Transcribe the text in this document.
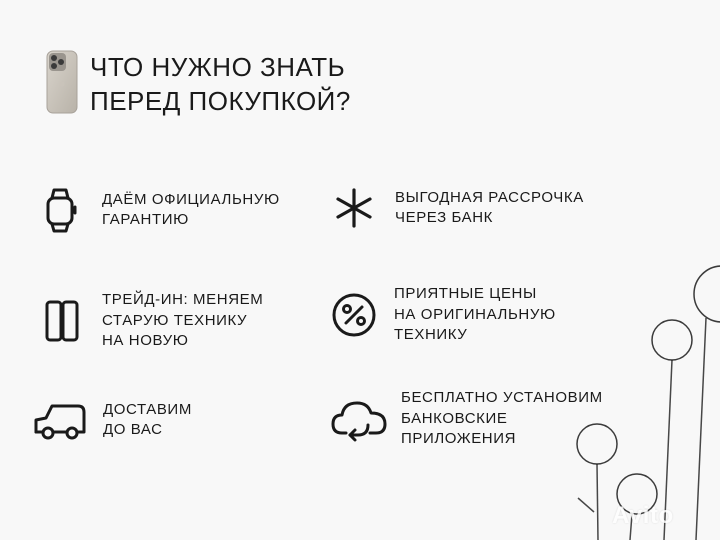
ЧТО НУЖНО ЗНАТЬ
ПЕРЕД ПОКУПКОЙ?
ДАЁМ ОФИЦИАЛЬНУЮ
ГАРАНТИЮ
ВЫГОДНАЯ РАССРОЧКА
ЧЕРЕЗ БАНК
ТРЕЙД-ИН: МЕНЯЕМ
СТАРУЮ ТЕХНИКУ
НА НОВУЮ
ПРИЯТНЫЕ ЦЕНЫ
НА ОРИГИНАЛЬНУЮ
ТЕХНИКУ
ДОСТАВИМ
ДО ВАС
БЕСПЛАТНО УСТАНОВИМ
БАНКОВСКИЕ
ПРИЛОЖЕНИЯ
Avito
